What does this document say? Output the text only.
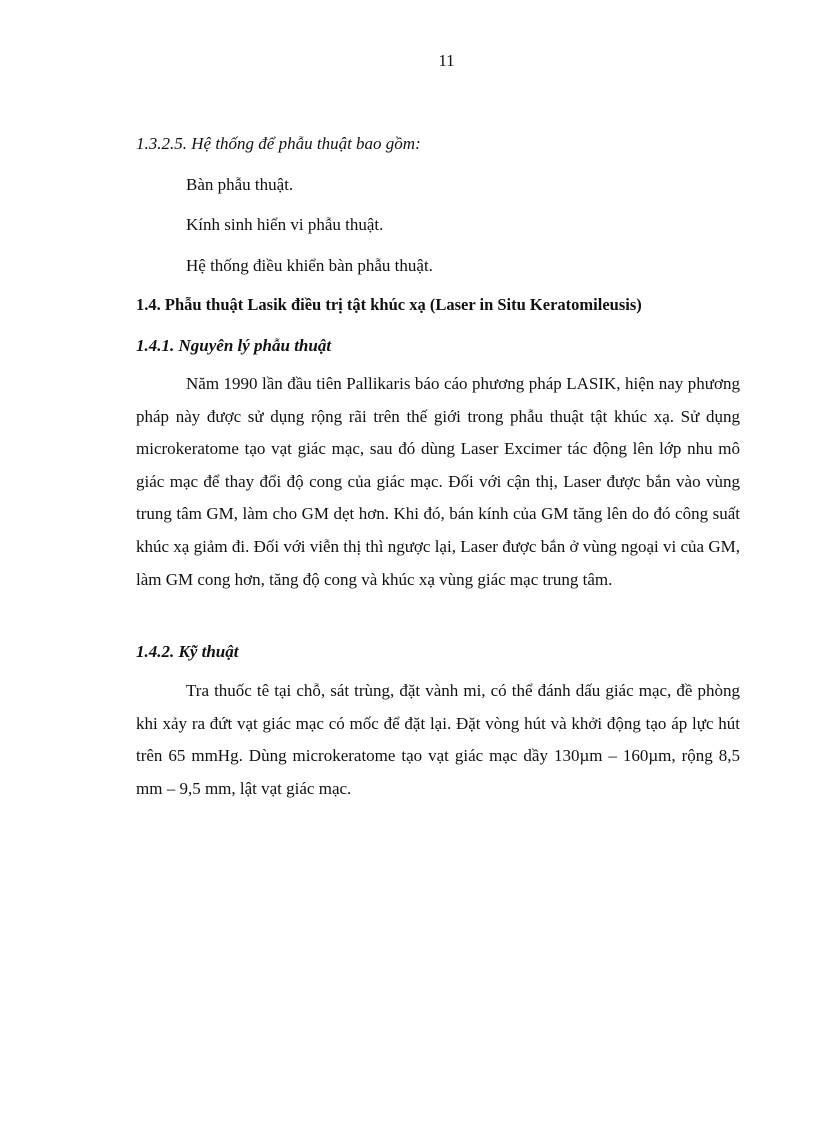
11
1.3.2.5. Hệ thống để phẫu thuật bao gồm:
Bàn phẫu thuật.
Kính sinh hiển vi phẫu thuật.
Hệ thống điều khiển bàn phẫu thuật.
1.4. Phẫu thuật Lasik điều trị tật khúc xạ (Laser in Situ Keratomileusis)
1.4.1. Nguyên lý phẫu thuật

Năm 1990 lần đầu tiên Pallikaris báo cáo phương pháp LASIK, hiện nay phương pháp này được sử dụng rộng rãi trên thế giới trong phẫu thuật tật khúc xạ. Sử dụng microkeratome tạo vạt giác mạc, sau đó dùng Laser Excimer tác động lên lớp nhu mô giác mạc để thay đổi độ cong của giác mạc. Đối với cận thị, Laser được bắn vào vùng trung tâm GM, làm cho GM dẹt hơn. Khi đó, bán kính của GM tăng lên do đó công suất khúc xạ giảm đi. Đối với viễn thị thì ngược lại, Laser được bắn ở vùng ngoại vi của GM, làm GM cong hơn, tăng độ cong và khúc xạ vùng giác mạc trung tâm.

1.4.2. Kỹ thuật

Tra thuốc tê tại chỗ, sát trùng, đặt vành mi, có thể đánh dấu giác mạc, đề phòng khi xảy ra đứt vạt giác mạc có mốc để đặt lại. Đặt vòng hút và khởi động tạo áp lực hút trên 65 mmHg. Dùng microkeratome tạo vạt giác mạc dầy 130µm – 160µm, rộng 8,5 mm – 9,5 mm, lật vạt giác mạc.
